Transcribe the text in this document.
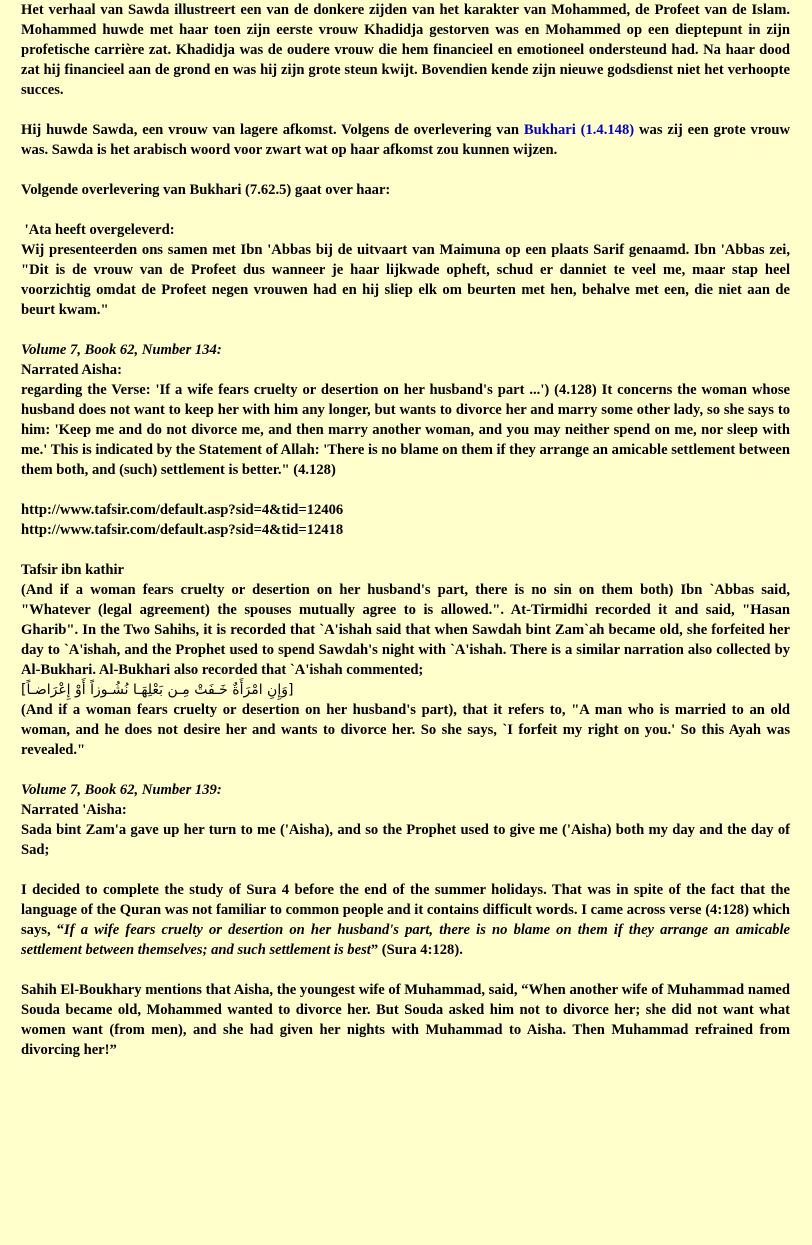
Het verhaal van Sawda illustreert een van de donkere zijden van het karakter van Mohammed, de Profeet van de Islam. Mohammed huwde met haar toen zijn eerste vrouw Khadidja gestorven was en Mohammed op een dieptepunt in zijn profetische carrière zat. Khadidja was de oudere vrouw die hem financieel en emotioneel ondersteund had. Na haar dood zat hij financieel aan de grond en was hij zijn grote steun kwijt. Bovendien kende zijn nieuwe godsdienst niet het verhoopte succes.

Hij huwde Sawda, een vrouw van lagere afkomst. Volgens de overlevering van Bukhari (1.4.148) was zij een grote vrouw was. Sawda is het arabisch woord voor zwart wat op haar afkomst zou kunnen wijzen.

Volgende overlevering van Bukhari (7.62.5) gaat over haar:

'Ata heeft overgeleverd:
Wij presenteerden ons samen met Ibn 'Abbas bij de uitvaart van Maimuna op een plaats Sarif genaamd. Ibn 'Abbas zei, "Dit is de vrouw van de Profeet dus wanneer je haar lijkwade opheft, schud er danniet te veel me, maar stap heel voorzichtig omdat de Profeet negen vrouwen had en hij sliep elk om beurten met hen, behalve met een, die niet aan de beurt kwam."

Volume 7, Book 62, Number 134:
Narrated Aisha:
regarding the Verse: 'If a wife fears cruelty or desertion on her husband's part ...') (4.128) It concerns the woman whose husband does not want to keep her with him any longer, but wants to divorce her and marry some other lady, so she says to him: 'Keep me and do not divorce me, and then marry another woman, and you may neither spend on me, nor sleep with me.' This is indicated by the Statement of Allah: 'There is no blame on them if they arrange an amicable settlement between them both, and (such) settlement is better." (4.128)

http://www.tafsir.com/default.asp?sid=4&tid=12406
http://www.tafsir.com/default.asp?sid=4&tid=12418

Tafsir ibn kathir
(And if a woman fears cruelty or desertion on her husband's part, there is no sin on them both) Ibn `Abbas said, "Whatever (legal agreement) the spouses mutually agree to is allowed.". At-Tirmidhi recorded it and said, "Hasan Gharib". In the Two Sahihs, it is recorded that `A'ishah said that when Sawdah bint Zam`ah became old, she forfeited her day to `A'ishah, and the Prophet used to spend Sawdah's night with `A'ishah. There is a similar narration also collected by Al-Bukhari. Al-Bukhari also recorded that `A'ishah commented;
[وَإِنِ امْرَأَةٌ خَـفَتْ مِـن بَعْلِهَـا نُشُـوزاً أَوْ إِعْرَاضـاً]
(And if a woman fears cruelty or desertion on her husband's part), that it refers to, "A man who is married to an old woman, and he does not desire her and wants to divorce her. So she says, `I forfeit my right on you.' So this Ayah was revealed."

Volume 7, Book 62, Number 139:
Narrated 'Aisha:
Sada bint Zam'a gave up her turn to me ('Aisha), and so the Prophet used to give me ('Aisha) both my day and the day of Sad;

I decided to complete the study of Sura 4 before the end of the summer holidays. That was in spite of the fact that the language of the Quran was not familiar to common people and it contains difficult words. I came across verse (4:128) which says, “If a wife fears cruelty or desertion on her husband's part, there is no blame on them if they arrange an amicable settlement between themselves; and such settlement is best” (Sura 4:128).

Sahih El-Boukhary mentions that Aisha, the youngest wife of Muhammad, said, “When another wife of Muhammad named Souda became old, Mohammed wanted to divorce her. But Souda asked him not to divorce her; she did not want what women want (from men), and she had given her nights with Muhammad to Aisha. Then Muhammad refrained from divorcing her!”
